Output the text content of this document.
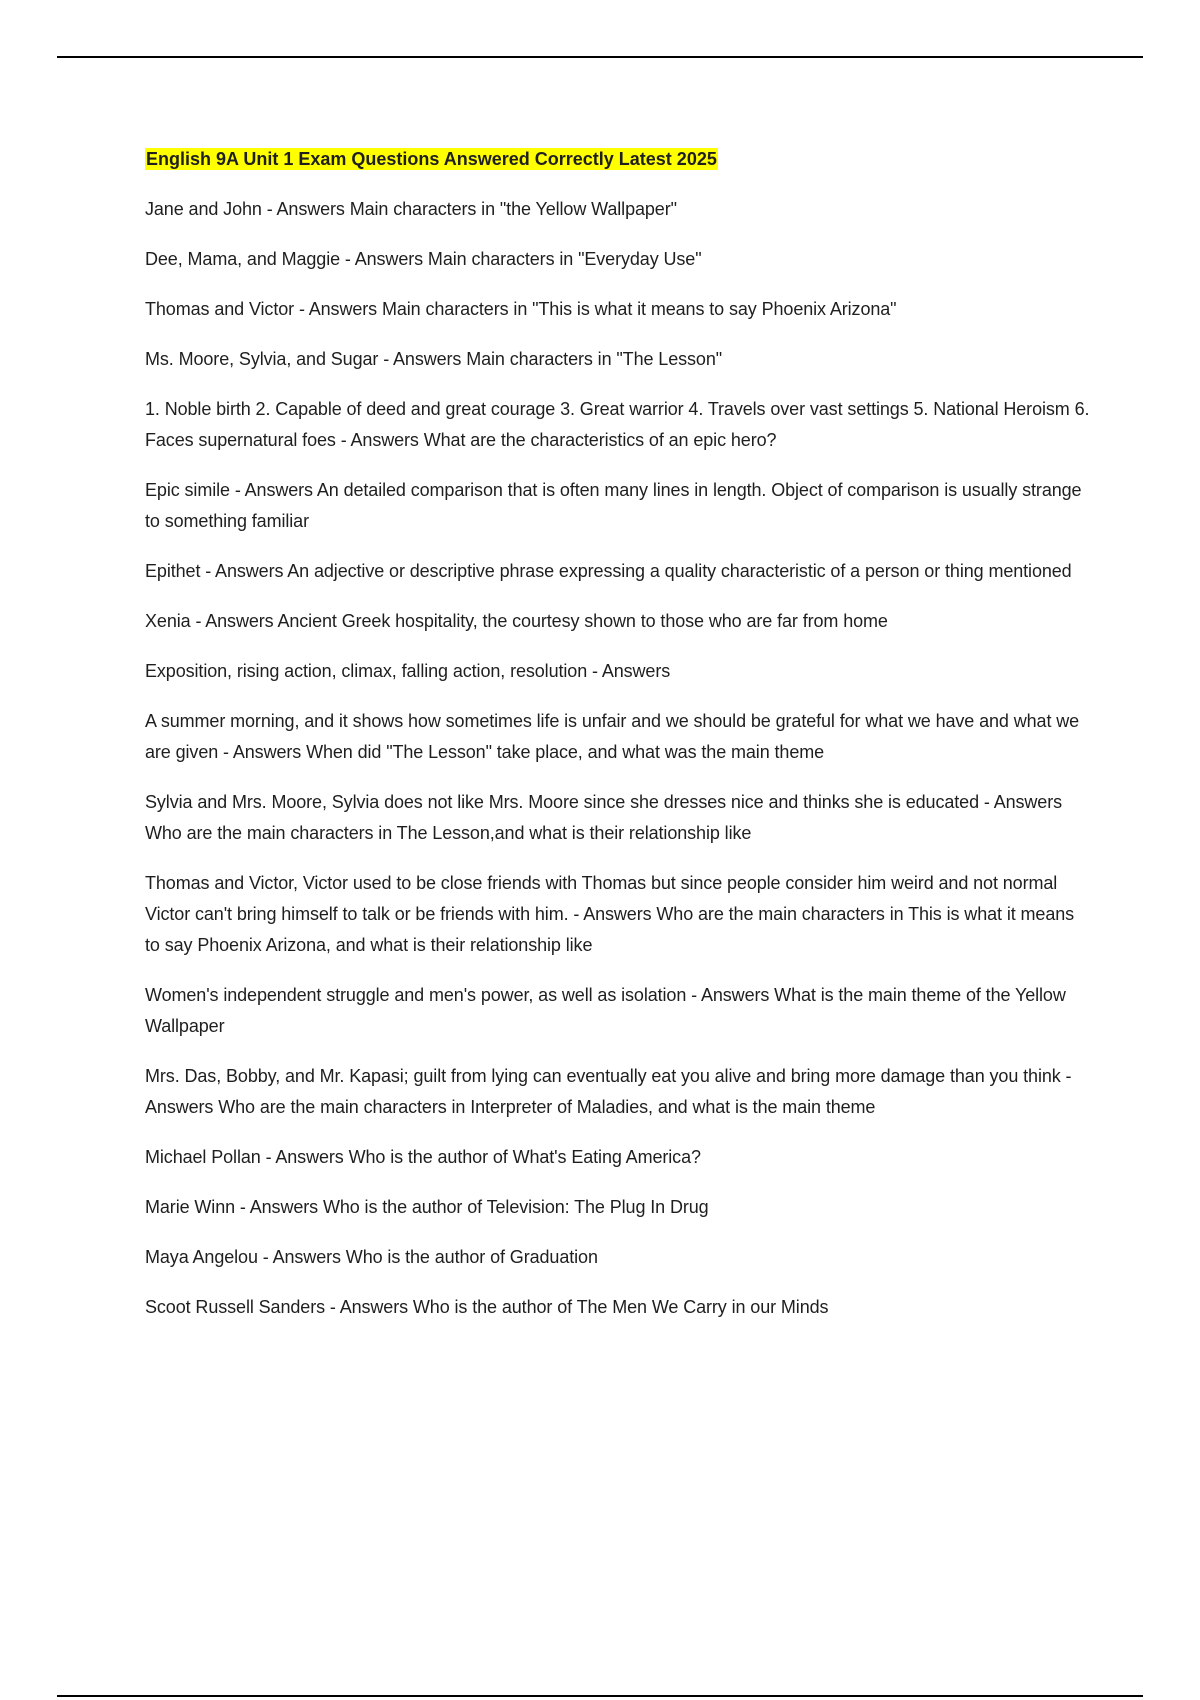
English 9A Unit 1 Exam Questions Answered Correctly Latest 2025
Jane and John - Answers Main characters in "the Yellow Wallpaper"
Dee, Mama, and Maggie - Answers Main characters in "Everyday Use"
Thomas and Victor - Answers Main characters in "This is what it means to say Phoenix Arizona"
Ms. Moore, Sylvia, and Sugar - Answers Main characters in "The Lesson"
1. Noble birth 2. Capable of deed and great courage 3. Great warrior 4. Travels over vast settings 5. National Heroism 6. Faces supernatural foes - Answers What are the characteristics of an epic hero?
Epic simile - Answers An detailed comparison that is often many lines in length. Object of comparison is usually strange to something familiar
Epithet - Answers An adjective or descriptive phrase expressing a quality characteristic of a person or thing mentioned
Xenia - Answers Ancient Greek hospitality, the courtesy shown to those who are far from home
Exposition, rising action, climax, falling action, resolution - Answers
A summer morning, and it shows how sometimes life is unfair and we should be grateful for what we have and what we are given - Answers When did "The Lesson" take place, and what was the main theme
Sylvia and Mrs. Moore, Sylvia does not like Mrs. Moore since she dresses nice and thinks she is educated - Answers Who are the main characters in The Lesson,and what is their relationship like
Thomas and Victor, Victor used to be close friends with Thomas but since people consider him weird and not normal Victor can't bring himself to talk or be friends with him. - Answers Who are the main characters in This is what it means to say Phoenix Arizona, and what is their relationship like
Women's independent struggle and men's power, as well as isolation - Answers What is the main theme of the Yellow Wallpaper
Mrs. Das, Bobby, and Mr. Kapasi; guilt from lying can eventually eat you alive and bring more damage than you think - Answers Who are the main characters in Interpreter of Maladies, and what is the main theme
Michael Pollan - Answers Who is the author of What's Eating America?
Marie Winn - Answers Who is the author of Television: The Plug In Drug
Maya Angelou - Answers Who is the author of Graduation
Scoot Russell Sanders - Answers Who is the author of The Men We Carry in our Minds
